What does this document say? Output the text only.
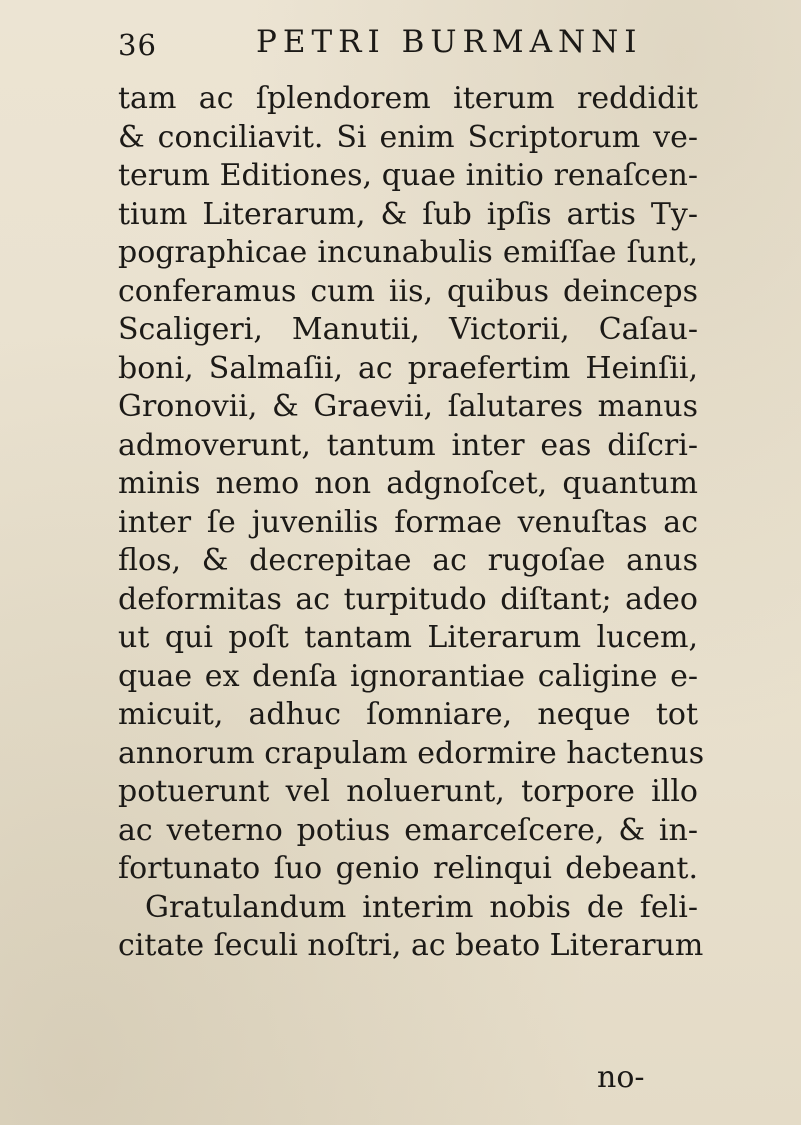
36	PETRI BURMANNI
tam ac ſplendorem iterum reddidit
& conciliavit. Si enim Scriptorum ve-
terum Editiones, quae initio renaſcen-
tium Literarum, & ſub ipſis artis Ty-
pographicae incunabulis emiſſae ſunt,
conferamus cum iis, quibus deinceps
Scaligeri, Manutii, Victorii, Caſau-
boni, Salmaſii, ac praefertim Heinſii,
Gronovii, & Graevii, ſalutares manus
admoverunt, tantum inter eas diſcri-
minis nemo non adgnoſcet, quantum
inter ſe juvenilis formae venuſtas ac
flos, & decrepitae ac rugoſae anus
deformitas ac turpitudo diſtant; adeo
ut qui poſt tantam Literarum lucem,
quae ex denſa ignorantiae caligine e-
micuit, adhuc ſomniare, neque tot
annorum crapulam edormire hactenus
potuerunt vel noluerunt, torpore illo
ac veterno potius emarceſcere, & in-
fortunato ſuo genio relinqui debeant.
Gratulandum interim nobis de feli-
citate ſeculi noſtri, ac beato Literarum
no-
